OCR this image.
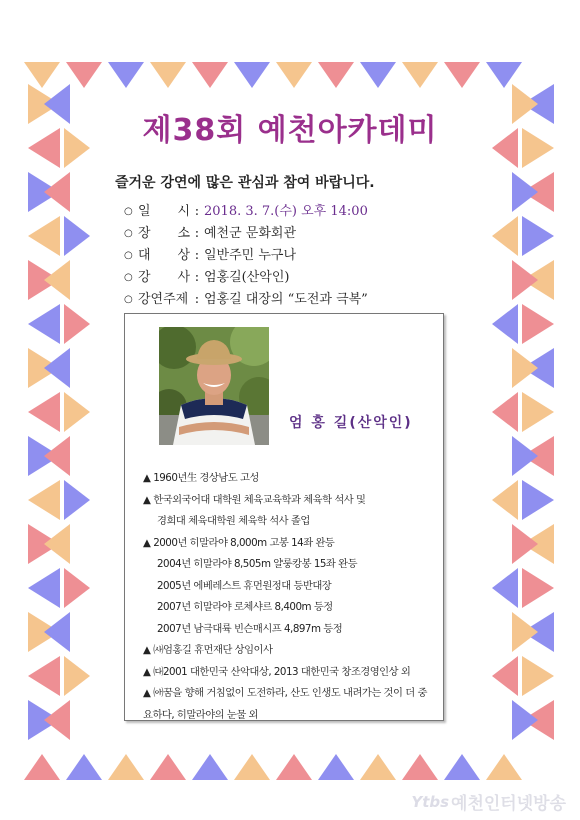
제38회 예천아카데미
즐거운 강연에 많은 관심과 참여 바랍니다.
○ 일 시 : 2018. 3. 7.(수) 오후 14:00
○ 장 소 : 예천군 문화회관
○ 대 상 : 일반주민 누구나
○ 강 사 : 엄홍길(산악인)
○ 강연주제 : 엄홍길 대장의 “도전과 극복”
엄 홍 길(산악인)
▲ 1960년生 경상남도 고성
▲ 한국외국어대 대학원 체육교육학과 체육학 석사 및
경희대 체육대학원 체육학 석사 졸업
▲ 2000년 히말라야 8,000m 고봉 14좌 완등
2004년 히말라야 8,505m 얄룽캉봉 15좌 완등
2005년 에베레스트 휴먼원정대 등반대장
2007년 히말라야 로체샤르 8,400m 등정
2007년 남극대륙 빈슨매시프 4,897m 등정
▲ ㈔엄홍길 휴먼재단 상임이사
▲ ㈐2001 대한민국 산악대상, 2013 대한민국 창조경영인상 외
▲ ㈕꿈을 향해 거침없이 도전하라, 산도 인생도 내려가는 것이 더 중요하다, 히말라야의 눈물 외
Ytbs 예천인터넷방송
